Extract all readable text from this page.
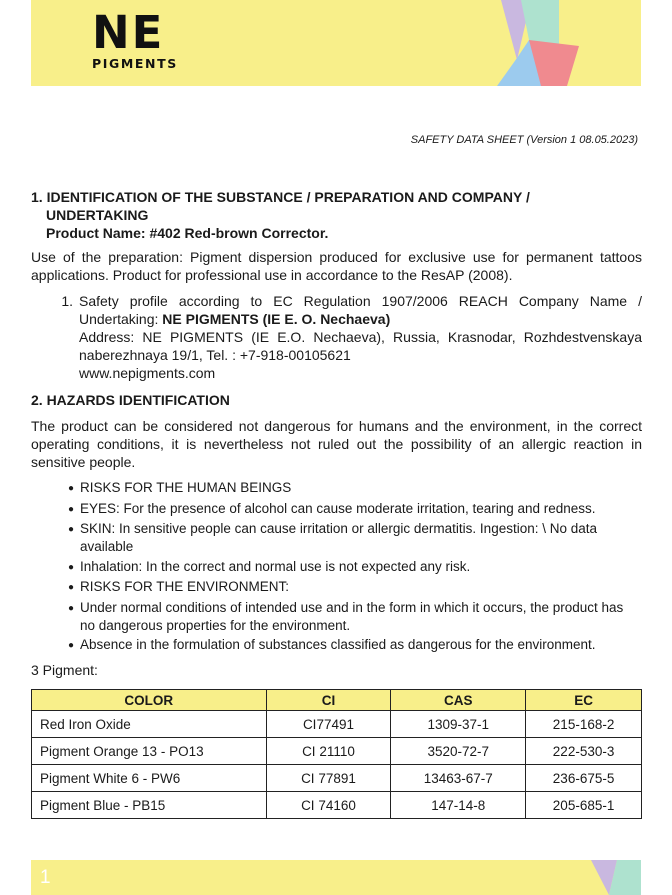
NE
PIGMENTS
SAFETY DATA SHEET (Version 1 08.05.2023)
1. IDENTIFICATION OF THE SUBSTANCE / PREPARATION AND COMPANY /
UNDERTAKING
Product Name: #402 Red-brown Corrector.

Use of the preparation: Pigment dispersion produced for exclusive use for permanent tattoos applications. Product for professional use in accordance to the ResAP (2008).

1. Safety profile according to EC Regulation 1907/2006 REACH Company Name / Undertaking: NE PIGMENTS (IE E. O. Nechaeva)
Address: NE PIGMENTS (IE E.O. Nechaeva), Russia, Krasnodar, Rozhdestvenskaya naberezhnaya 19/1, Tel. : +7-918-00105621
www.nepigments.com
2. HAZARDS IDENTIFICATION

The product can be considered not dangerous for humans and the environment, in the correct operating conditions, it is nevertheless not ruled out the possibility of an allergic reaction in sensitive people.

● RISKS FOR THE HUMAN BEINGS
● EYES: For the presence of alcohol can cause moderate irritation, tearing and redness.
● SKIN: In sensitive people can cause irritation or allergic dermatitis. Ingestion: \ No data available
● Inhalation: In the correct and normal use is not expected any risk.
● RISKS FOR THE ENVIRONMENT:
● Under normal conditions of intended use and in the form in which it occurs, the product has no dangerous properties for the environment.
● Absence in the formulation of substances classified as dangerous for the environment.
3 Pigment:
COLOR	CI	CAS	EC
Red Iron Oxide	CI77491	1309-37-1	215-168-2
Pigment Orange 13 - PO13	CI 21110	3520-72-7	222-530-3
Pigment White 6 - PW6	CI 77891	13463-67-7	236-675-5
Pigment Blue - PB15	CI 74160	147-14-8	205-685-1
1
